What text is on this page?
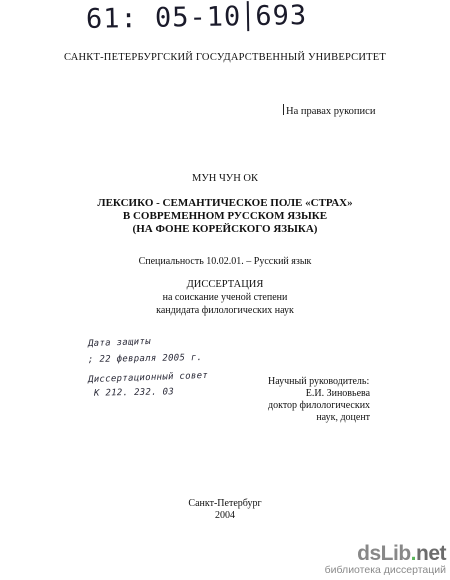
61: 05-10 693
САНКТ-ПЕТЕРБУРГСКИЙ ГОСУДАРСТВЕННЫЙ УНИВЕРСИТЕТ
На правах рукописи
МУН ЧУН ОК
ЛЕКСИКО - СЕМАНТИЧЕСКОЕ ПОЛЕ «СТРАХ»
В СОВРЕМЕННОМ РУССКОМ ЯЗЫКЕ
(НА ФОНЕ КОРЕЙСКОГО ЯЗЫКА)
Специальность 10.02.01. – Русский язык
ДИССЕРТАЦИЯ
на соискание ученой степени
кандидата филологических наук
Дата защиты
; 22 февраля 2005 г.
Диссертационный совет
К 212. 232. 03
Научный руководитель:
Е.И. Зиновьева
доктор филологических
наук, доцент
Санкт-Петербург
2004
dsLib.net
библиотека диссертаций
